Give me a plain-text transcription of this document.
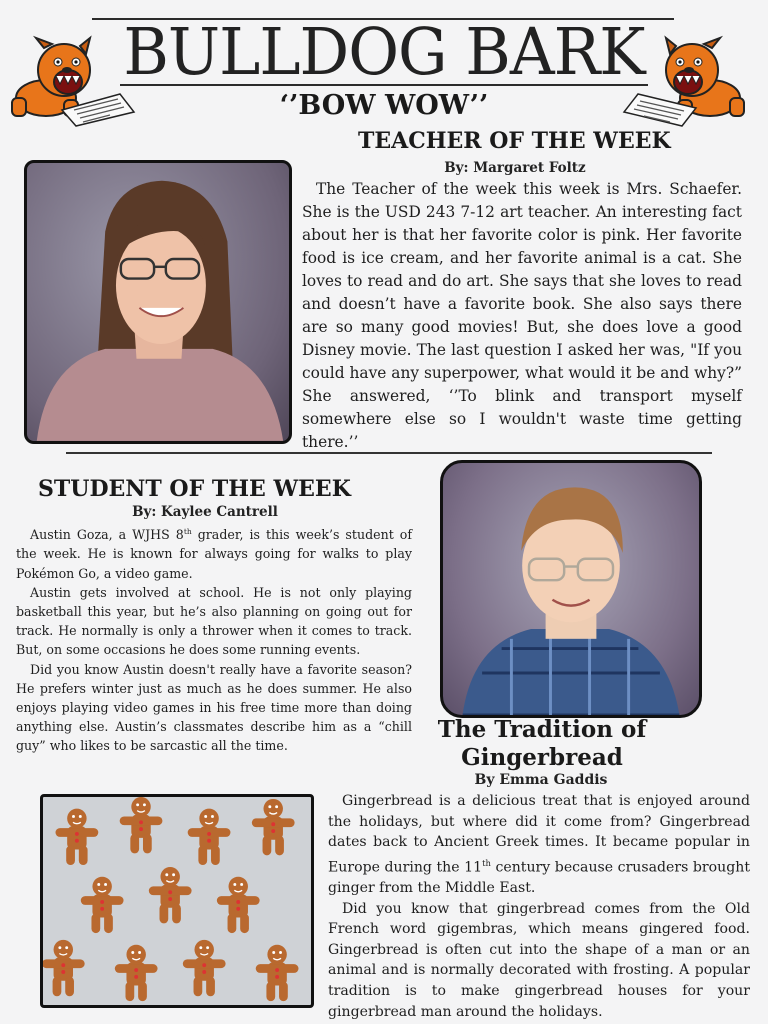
BULLDOG BARK
‘’BOW WOW’’
TEACHER OF THE WEEK
By: Margaret Foltz

The Teacher of the week this week is Mrs. Schaefer. She is the USD 243 7-12 art teacher. An interesting fact about her is that her favorite color is pink. Her favorite food is ice cream, and her favorite animal is a cat. She loves to read and do art. She says that she loves to read and doesn’t have a favorite book. She also says there are so many good movies! But, she does love a good Disney movie. The last question I asked her was, "If you could have any superpower, what would it be and why?” She answered, ‘’To blink and transport myself somewhere else so I wouldn't waste time getting there.’’

STUDENT OF THE WEEK
By: Kaylee Cantrell

Austin Goza, a WJHS 8th grader, is this week’s student of the week. He is known for always going for walks to play Pokémon Go, a video game.

Austin gets involved at school. He is not only playing basketball this year, but he’s also planning on going out for track. He normally is only a thrower when it comes to track. But, on some occasions he does some running events.

Did you know Austin doesn't really have a favorite season? He prefers winter just as much as he does summer. He also enjoys playing video games in his free time more than doing anything else. Austin’s classmates describe him as a “chill guy” who likes to be sarcastic all the time.

The Tradition of
Gingerbread
By Emma Gaddis

Gingerbread is a delicious treat that is enjoyed around the holidays, but where did it come from? Gingerbread dates back to Ancient Greek times. It became popular in Europe during the 11th century because crusaders brought ginger from the Middle East.

Did you know that gingerbread comes from the Old French word gigembras, which means gingered food. Gingerbread is often cut into the shape of a man or an animal and is normally decorated with frosting. A popular tradition is to make gingerbread houses for your gingerbread man around the holidays.
